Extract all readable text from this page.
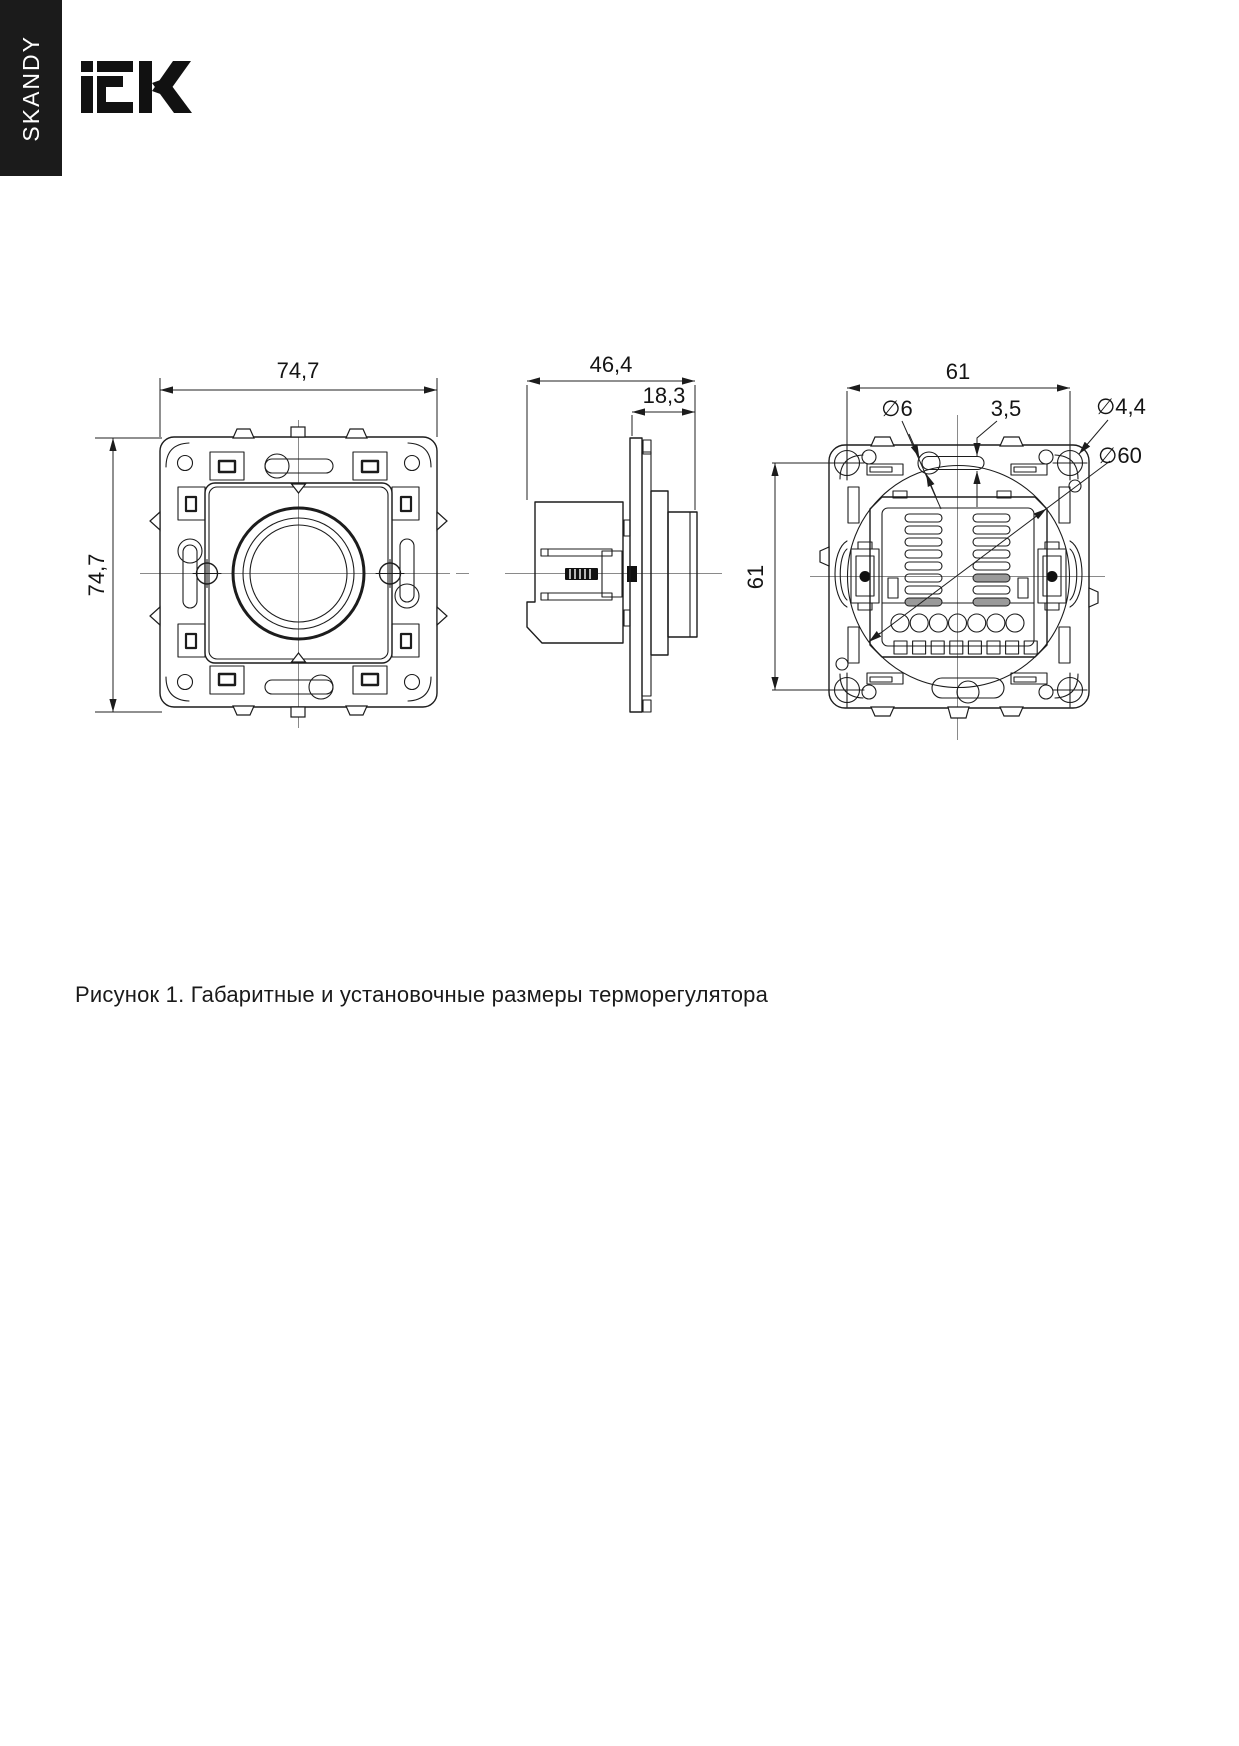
SKANDY
Рисунок 1. Габаритные и установочные размеры терморегулятора
74,7
74,7
46,4
18,3
61
61
∅6	3,5	∅4,4
∅60
